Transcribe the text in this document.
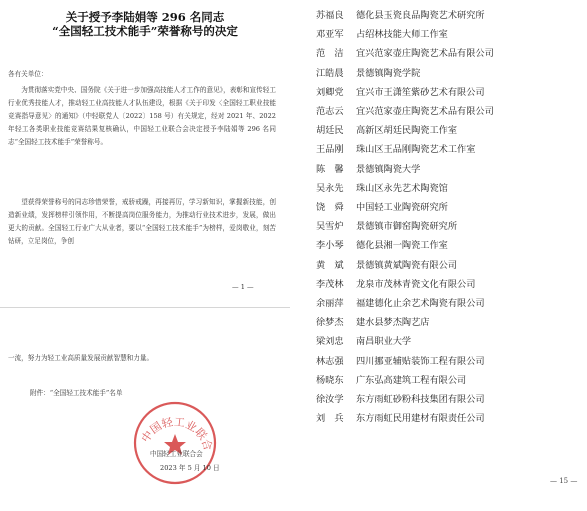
关于授予李陆娟等 296 名同志
“全国轻工技术能手”荣誉称号的决定
各有关单位：
为贯彻落实党中央、国务院《关于进一步加强高技能人才工作的意见》，表彰和宣传轻工行业优秀技能人才，推动轻工业高技能人才队伍建设，根据《关于印发〈全国轻工职业技能竞赛指导意见〉的通知》（中轻联党人〔2022〕158 号）有关规定，经对 2021 年、2022 年轻工各类职业技能竞赛结果复核确认，中国轻工业联合会决定授予李陆娟等 296 名同志“全国轻工技术能手”荣誉称号。
望获得荣誉称号的同志珍惜荣誉，戒骄戒躁，再接再厉，学习新知识，掌握新技能，创造新业绩，发挥榜样引领作用，不断提高岗位服务能力，为推动行业技术进步，发展，做出更大的贡献。全国轻工行业广大从业者，要以“全国轻工技术能手”为榜样，爱岗敬业，刻苦钻研，立足岗位，争创
— 1 —
一流，努力为轻工业高质量发展贡献智慧和力量。
附件：“全国轻工技术能手”名单
中国轻工业联合
中国轻工业联合会
2023 年 5 月 10 日
苏福良 德化县玉瓷良品陶瓷艺术研究所
邓亚军 占绍林技能大师工作室
范　洁 宜兴范家壶庄陶瓷艺术品有限公司
江皓晨 景德镇陶瓷学院
刘卿党 宜兴市王潇笙紫砂艺术有限公司
范志云 宜兴范家壶庄陶瓷艺术品有限公司
胡廷民 高新区胡廷民陶瓷工作室
王品刚 珠山区王品刚陶瓷艺术工作室
陈　馨 景德镇陶瓷大学
吴永先 珠山区永先艺术陶瓷馆
饶　舜 中国轻工业陶瓷研究所
吴雪炉 景德镇市御窑陶瓷研究所
李小琴 德化县湘一陶瓷工作室
黄　斌 景德镇黄斌陶瓷有限公司
李茂林 龙泉市茂林青瓷文化有限公司
余丽萍 福建德化止余艺术陶瓷有限公司
徐梦杰 建水县梦杰陶艺店
梁刘忠 南昌职业大学
林志强 四川挪亚辅贴装饰工程有限公司
杨晓东 广东弘高建筑工程有限公司
徐汝学 东方雨虹砂粉科技集团有限公司
刘　兵 东方雨虹民用建材有限责任公司
— 15 —
